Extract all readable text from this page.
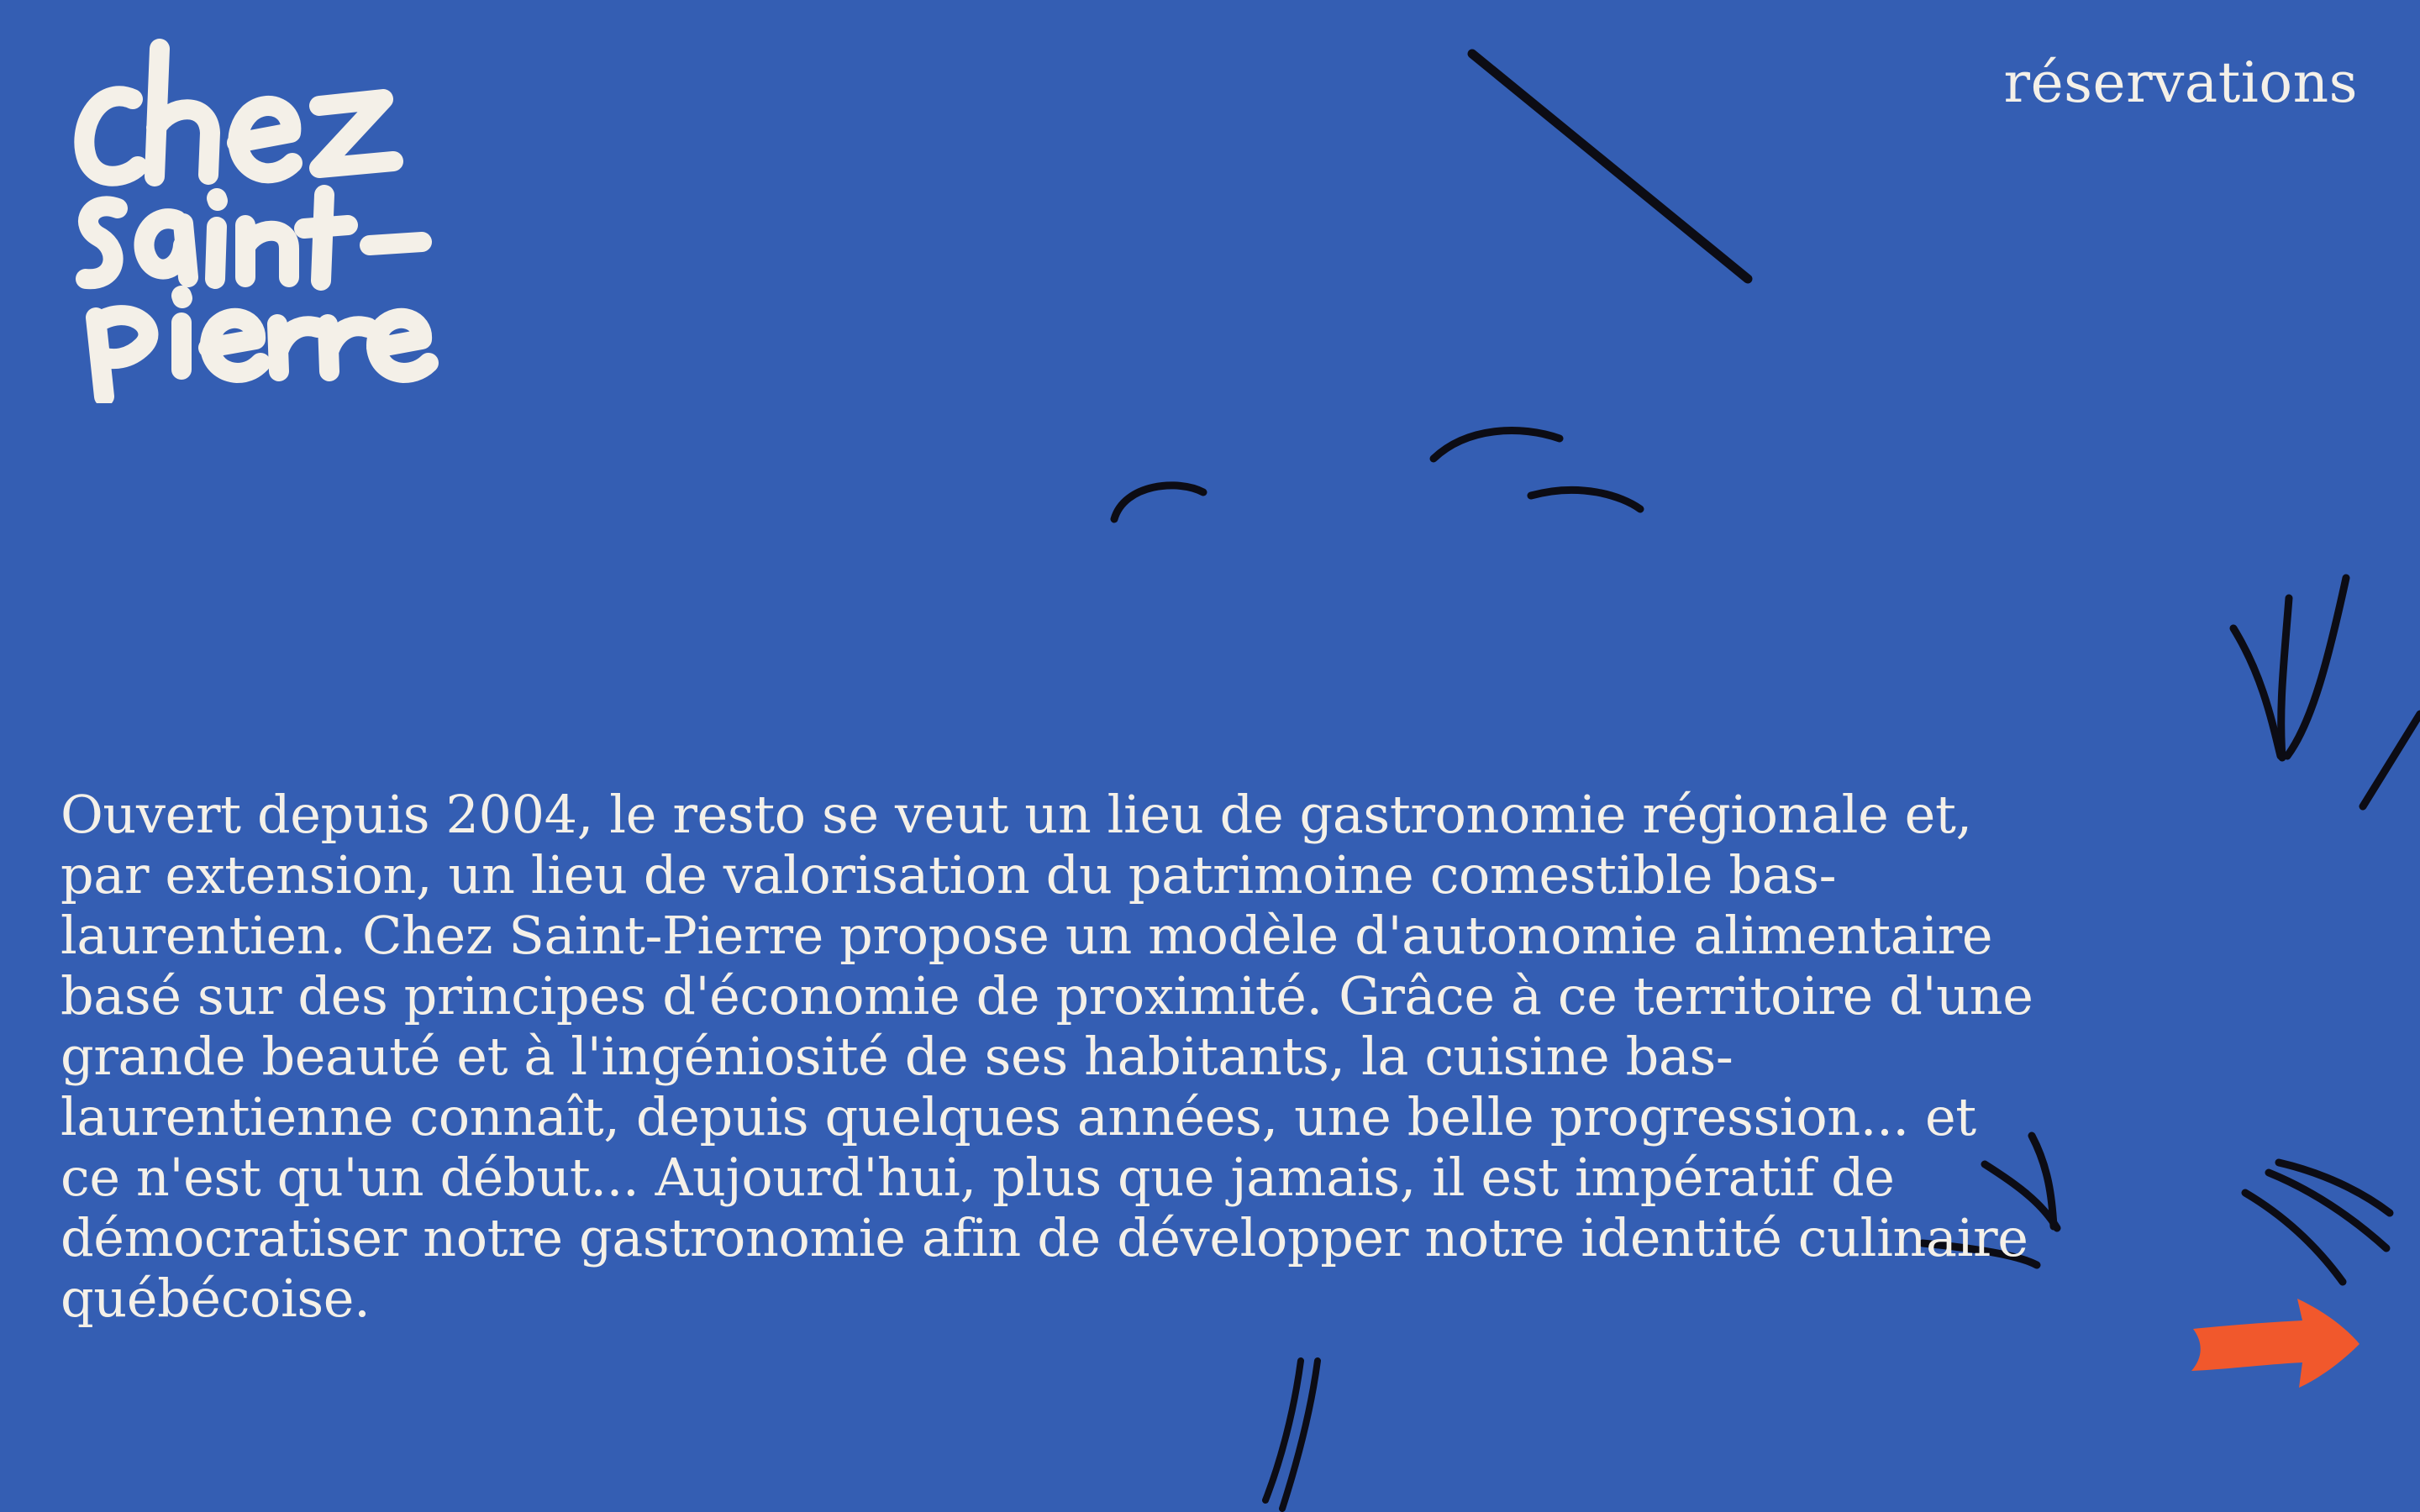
réservations

Ouvert depuis 2004, le resto se veut un lieu de gastronomie régionale et, par extension, un lieu de valorisation du patrimoine comestible bas-laurentien. Chez Saint-Pierre propose un modèle d'autonomie alimentaire basé sur des principes d'économie de proximité. Grâce à ce territoire d'une grande beauté et à l'ingéniosité de ses habitants, la cuisine bas-laurentienne connaît, depuis quelques années, une belle progression... et ce n'est qu'un début... Aujourd'hui, plus que jamais, il est impératif de démocratiser notre gastronomie afin de développer notre identité culinaire québécoise.
